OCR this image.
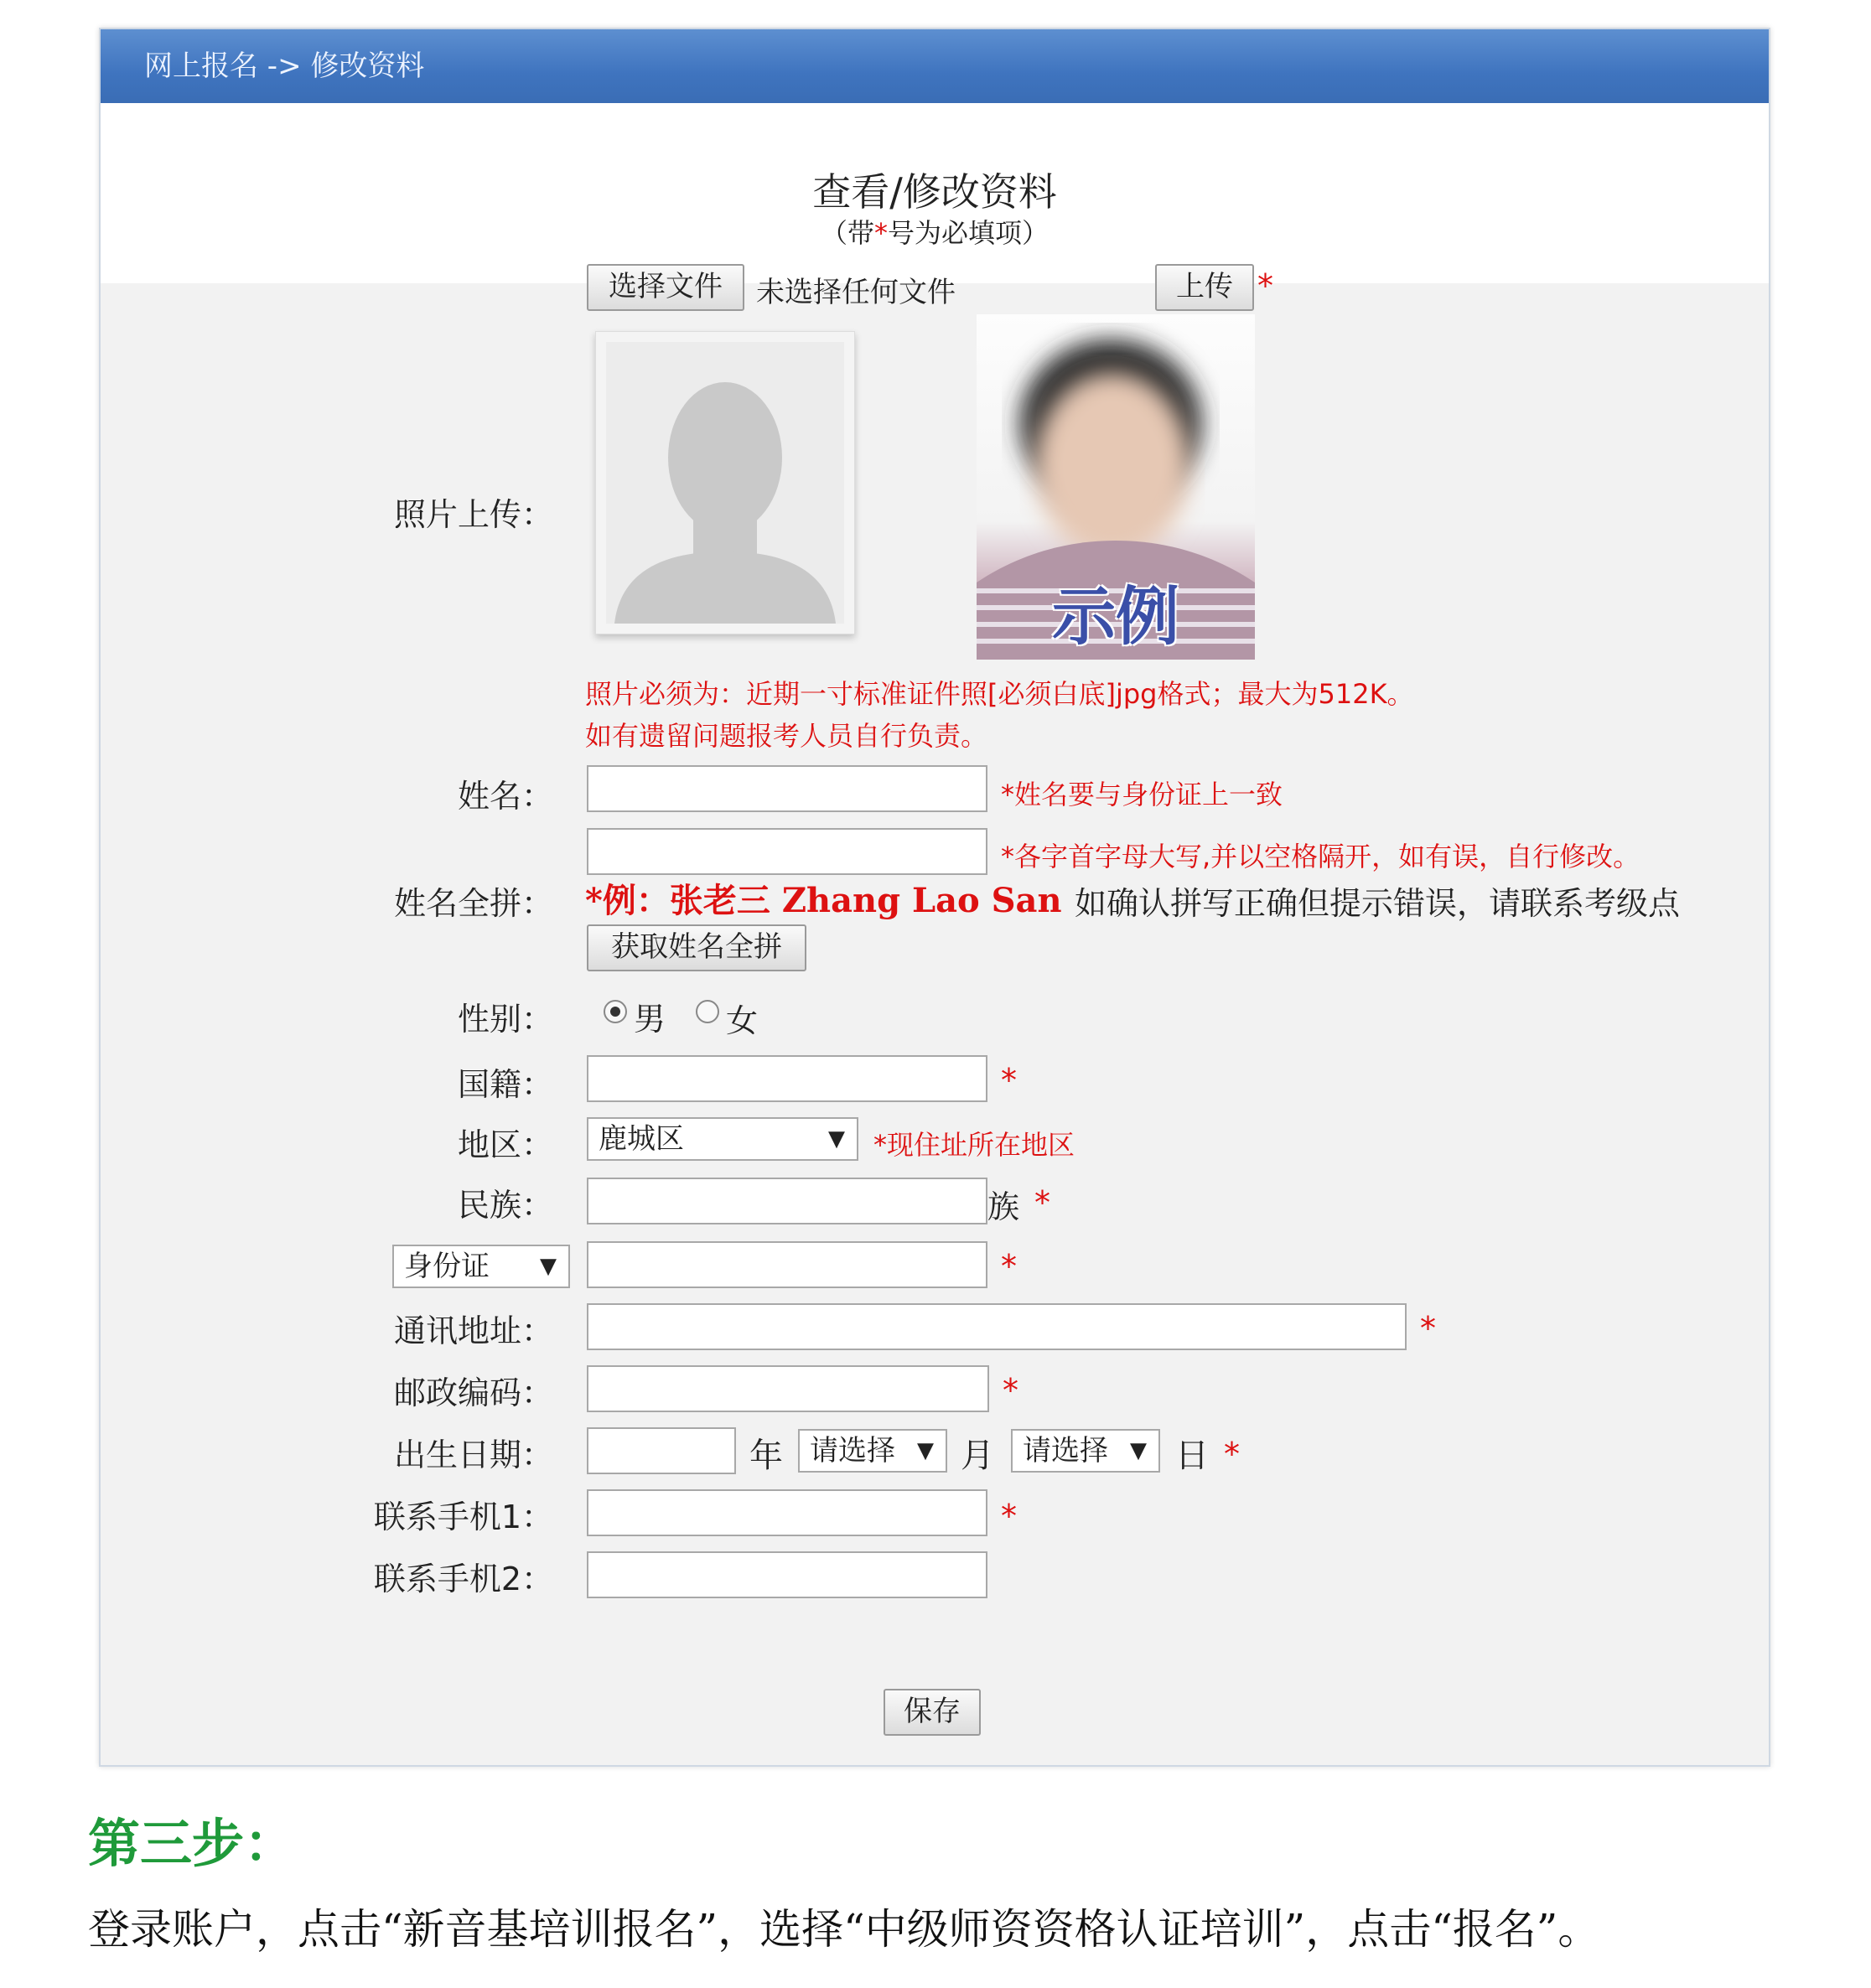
网上报名 -> 修改资料
查看/修改资料
（带*号为必填项）
选择文件	未选择任何文件	上传 *
照片上传：
示例
照片必须为：近期一寸标准证件照[必须白底]jpg格式；最大为512K。
如有遗留问题报考人员自行负责。
姓名：	*姓名要与身份证上一致
*各字首字母大写,并以空格隔开，如有误，自行修改。
姓名全拼： *例：张老三 Zhang Lao San 如确认拼写正确但提示错误，请联系考级点
获取姓名全拼
性别：	男 女
国籍：	*
地区：	鹿城区	▼ *现住址所在地区
民族：	族 *
身份证 ▼	*
通讯地址：	*
邮政编码：	*
出生日期：	年 请选择 ▼ 月	请选择 ▼ 日 *
联系手机1：	*
联系手机2：
保存
第三步：
登录账户，点击“新音基培训报名”，选择“中级师资资格认证培训”，点击“报名”。
